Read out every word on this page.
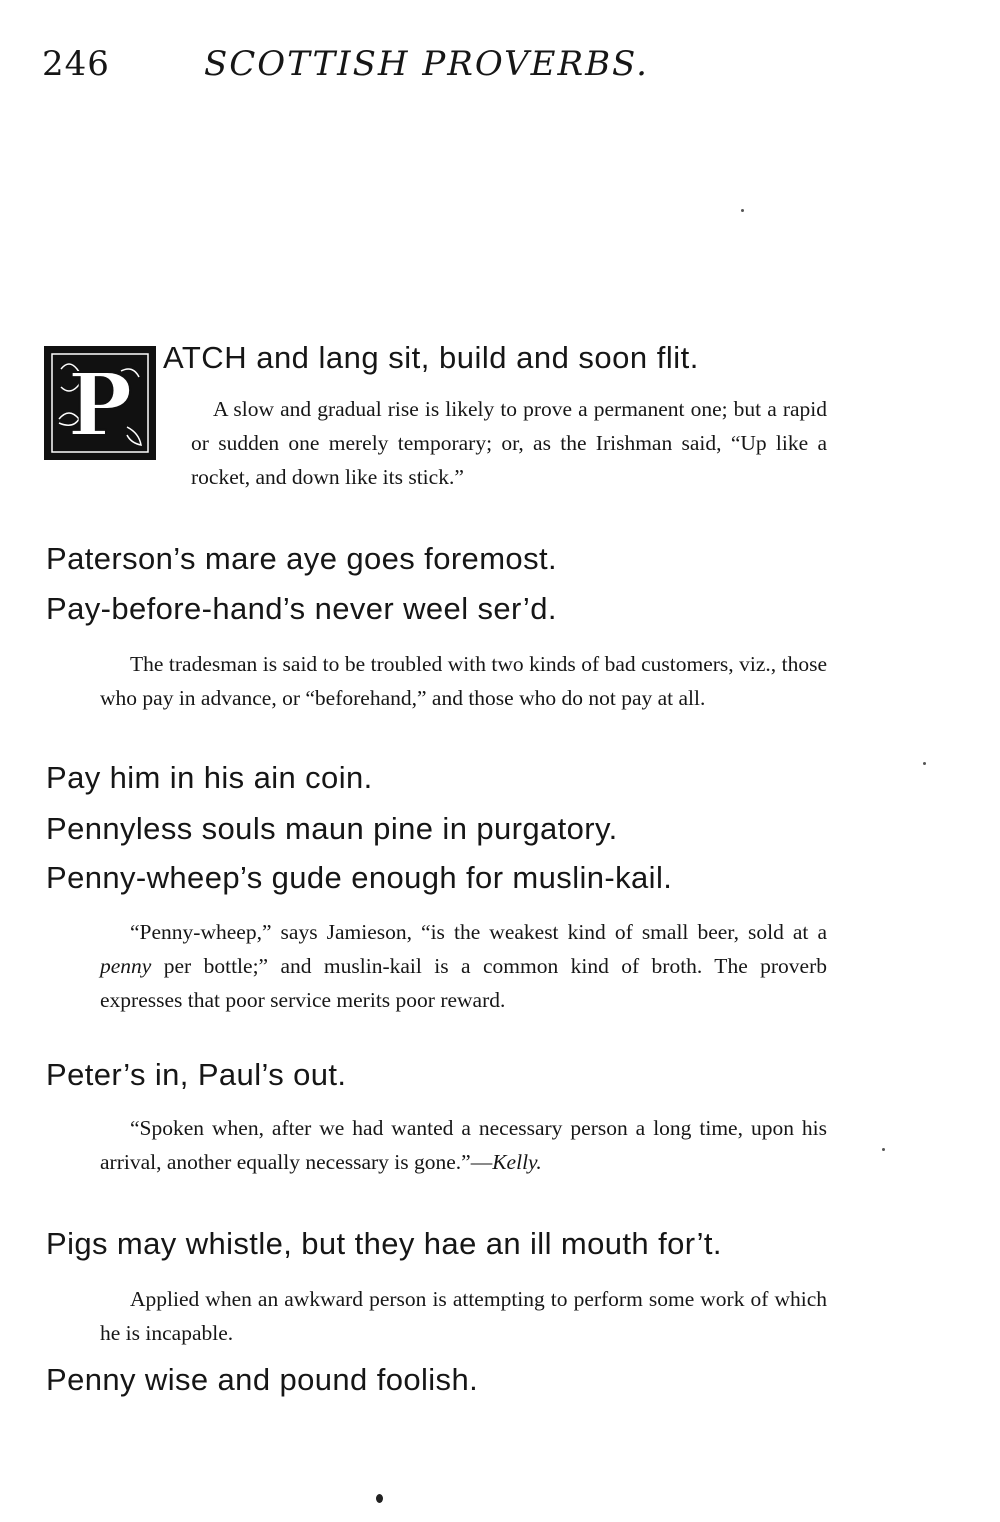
246	SCOTTISH PROVERBS.
P ATCH and lang sit, build and soon flit.
A slow and gradual rise is likely to prove a permanent one; but a rapid or sudden one merely temporary; or, as the Irishman said, “Up like a rocket, and down like its stick.”
Paterson’s mare aye goes foremost.
Pay-before-hand’s never weel ser’d.
The tradesman is said to be troubled with two kinds of bad customers, viz., those who pay in advance, or “beforehand,” and those who do not pay at all.
Pay him in his ain coin.
Pennyless souls maun pine in purgatory.
Penny-wheep’s gude enough for muslin-kail.
“Penny-wheep,” says Jamieson, “is the weakest kind of small beer, sold at a penny per bottle;” and muslin-kail is a common kind of broth. The proverb expresses that poor service merits poor reward.
Peter’s in, Paul’s out.
“Spoken when, after we had wanted a necessary person a long time, upon his arrival, another equally necessary is gone.”—Kelly.
Pigs may whistle, but they hae an ill mouth for’t.
Applied when an awkward person is attempting to perform some work of which he is incapable.
Penny wise and pound foolish.
